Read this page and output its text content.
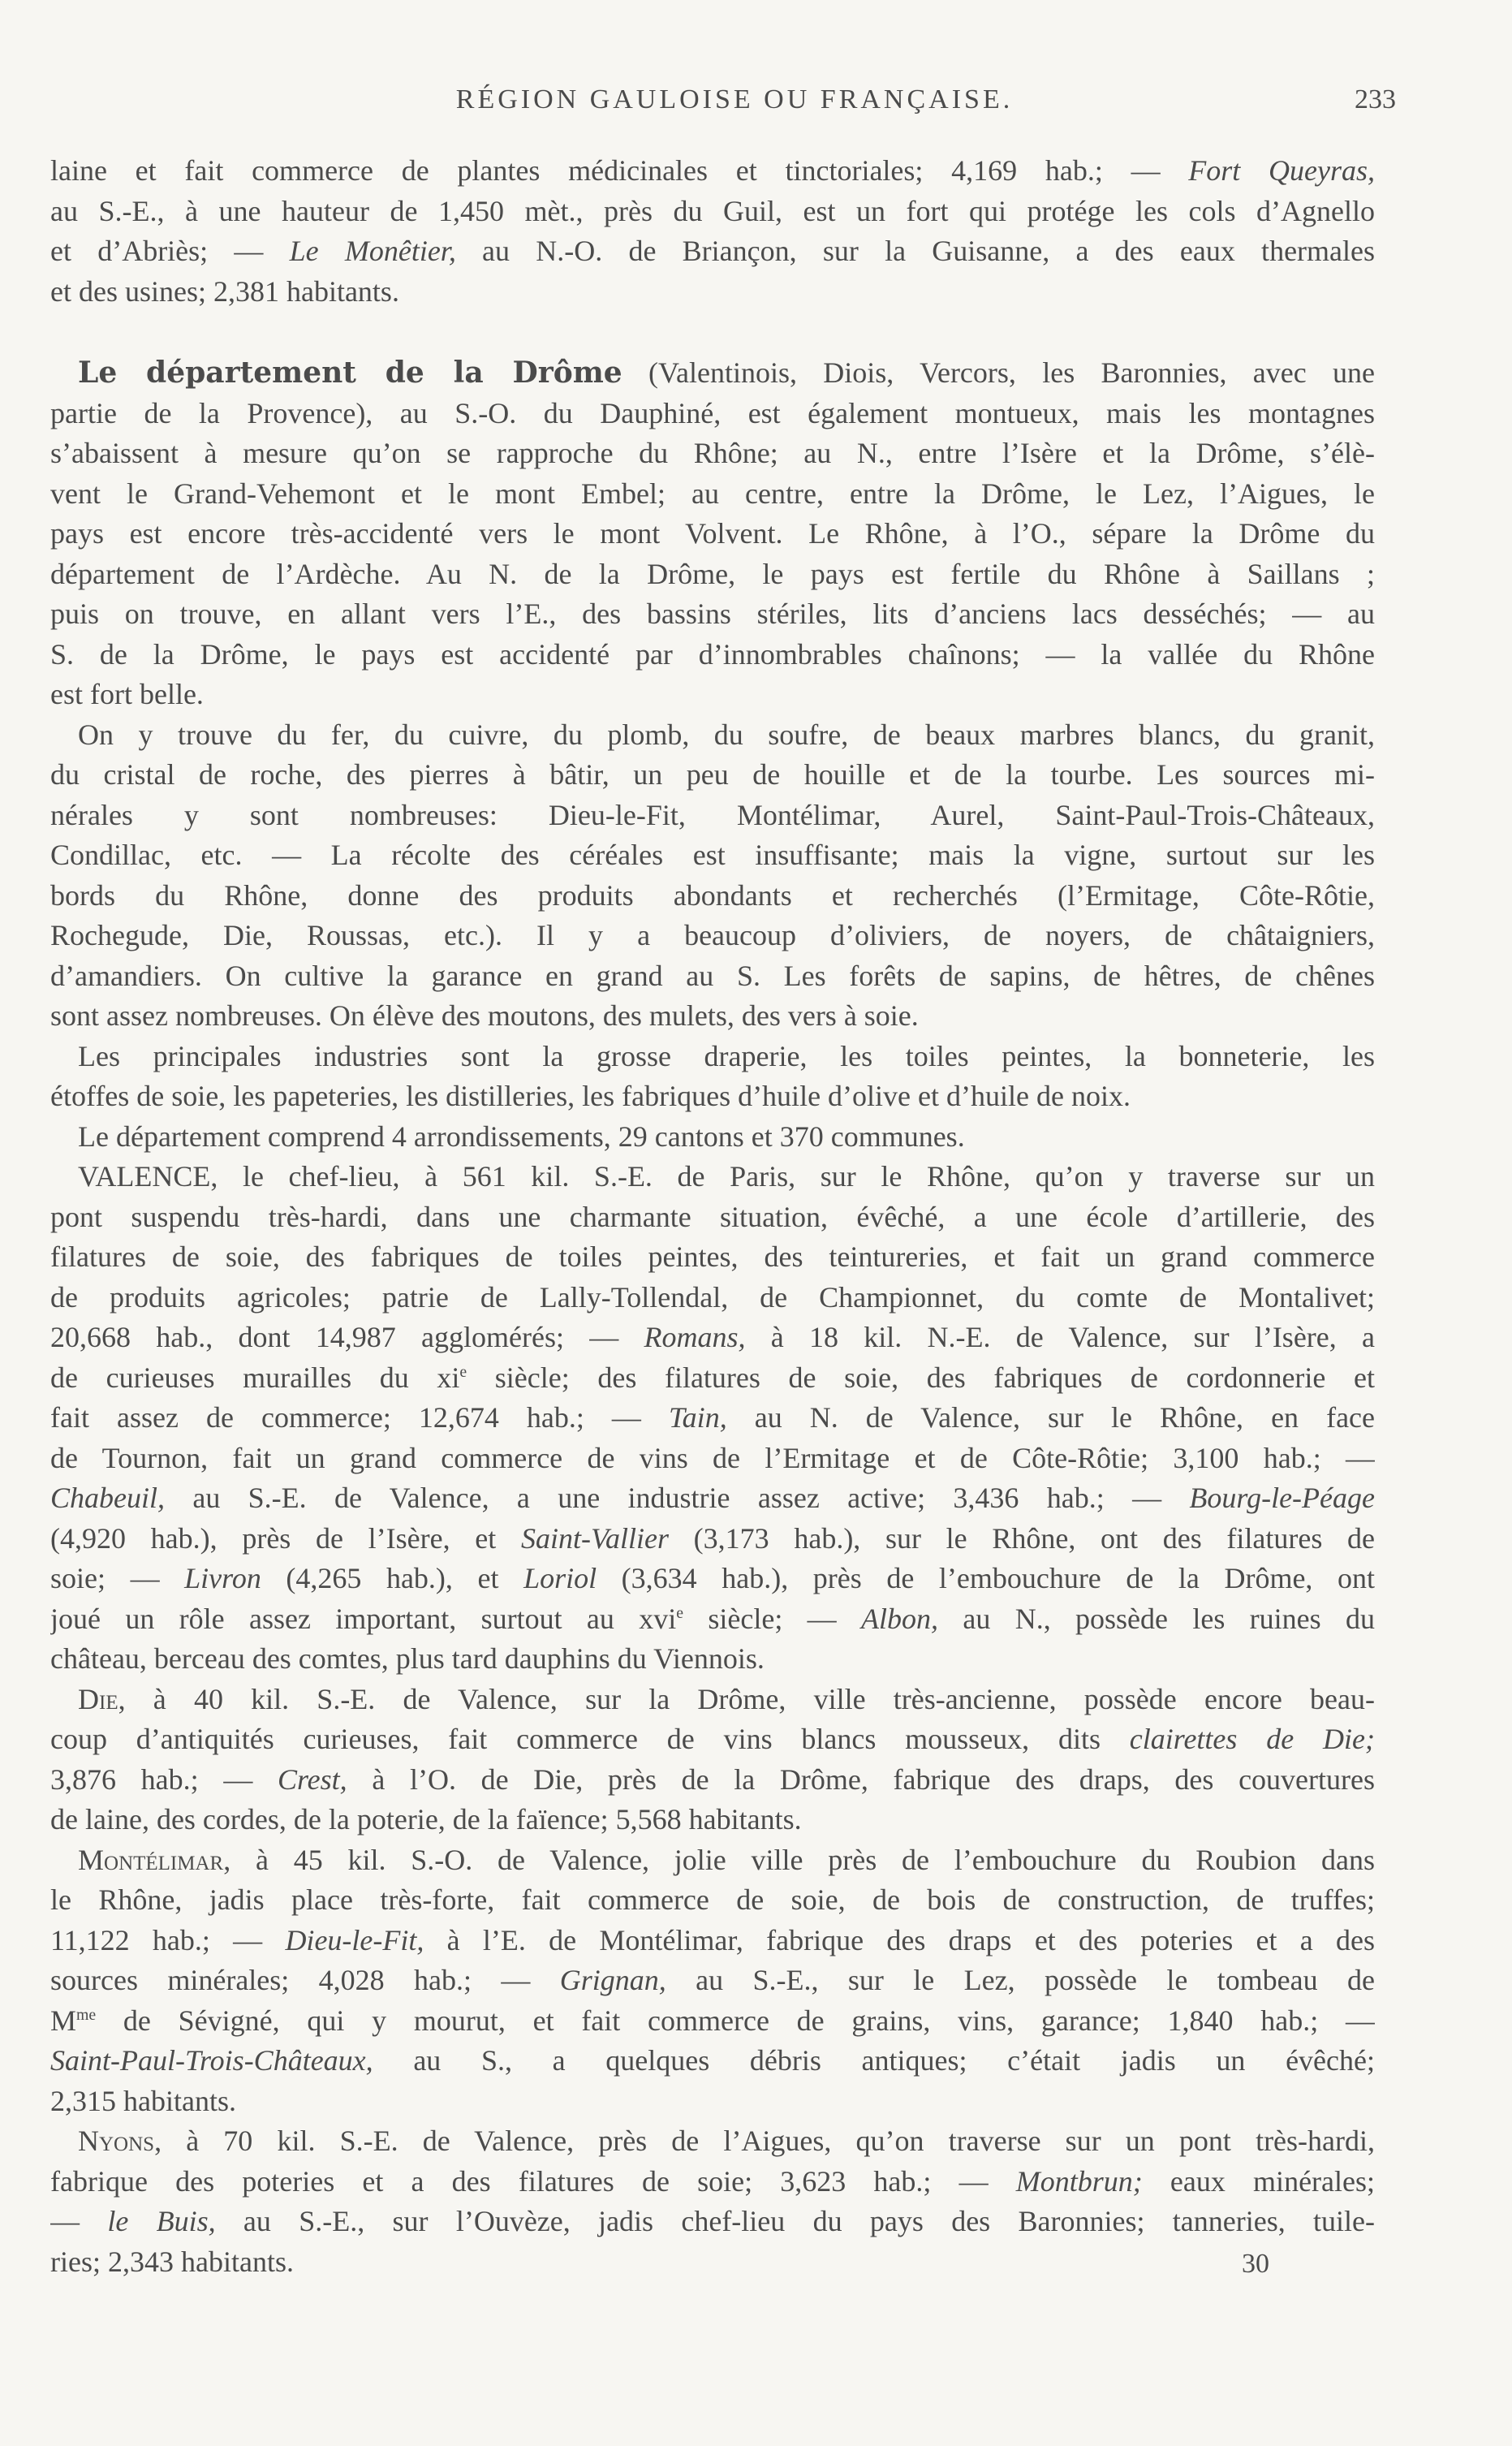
RÉGION GAULOISE OU FRANÇAISE.	233
laine et fait commerce de plantes médicinales et tinctoriales; 4,169 hab.; — Fort Queyras,
au S.-E., à une hauteur de 1,450 mèt., près du Guil, est un fort qui protége les cols d’Agnello
et d’Abriès; — Le Monêtier, au N.-O. de Briançon, sur la Guisanne, a des eaux thermales
et des usines; 2,381 habitants.
Le département de la Drôme (Valentinois, Diois, Vercors, les Baronnies, avec une
partie de la Provence), au S.-O. du Dauphiné, est également montueux, mais les montagnes
s’abaissent à mesure qu’on se rapproche du Rhône; au N., entre l’Isère et la Drôme, s’élè-
vent le Grand-Vehemont et le mont Embel; au centre, entre la Drôme, le Lez, l’Aigues, le
pays est encore très-accidenté vers le mont Volvent. Le Rhône, à l’O., sépare la Drôme du
département de l’Ardèche. Au N. de la Drôme, le pays est fertile du Rhône à Saillans ;
puis on trouve, en allant vers l’E., des bassins stériles, lits d’anciens lacs desséchés; — au
S. de la Drôme, le pays est accidenté par d’innombrables chaînons; — la vallée du Rhône
est fort belle.
On y trouve du fer, du cuivre, du plomb, du soufre, de beaux marbres blancs, du granit,
du cristal de roche, des pierres à bâtir, un peu de houille et de la tourbe. Les sources mi-
nérales y sont nombreuses: Dieu-le-Fit, Montélimar, Aurel, Saint-Paul-Trois-Châteaux,
Condillac, etc. — La récolte des céréales est insuffisante; mais la vigne, surtout sur les
bords du Rhône, donne des produits abondants et recherchés (l’Ermitage, Côte-Rôtie,
Rochegude, Die, Roussas, etc.). Il y a beaucoup d’oliviers, de noyers, de châtaigniers,
d’amandiers. On cultive la garance en grand au S. Les forêts de sapins, de hêtres, de chênes
sont assez nombreuses. On élève des moutons, des mulets, des vers à soie.
Les principales industries sont la grosse draperie, les toiles peintes, la bonneterie, les
étoffes de soie, les papeteries, les distilleries, les fabriques d’huile d’olive et d’huile de noix.
Le département comprend 4 arrondissements, 29 cantons et 370 communes.
VALENCE, le chef-lieu, à 561 kil. S.-E. de Paris, sur le Rhône, qu’on y traverse sur un
pont suspendu très-hardi, dans une charmante situation, évêché, a une école d’artillerie, des
filatures de soie, des fabriques de toiles peintes, des teintureries, et fait un grand commerce
de produits agricoles; patrie de Lally-Tollendal, de Championnet, du comte de Montalivet;
20,668 hab., dont 14,987 agglomérés; — Romans, à 18 kil. N.-E. de Valence, sur l’Isère, a
de curieuses murailles du $xi^e$ siècle; des filatures de soie, des fabriques de cordonnerie et
fait assez de commerce; 12,674 hab.; — Tain, au N. de Valence, sur le Rhône, en face
de Tournon, fait un grand commerce de vins de l’Ermitage et de Côte-Rôtie; 3,100 hab.; —
Chabeuil, au S.-E. de Valence, a une industrie assez active; 3,436 hab.; — Bourg-le-Péage
(4,920 hab.), près de l’Isère, et Saint-Vallier (3,173 hab.), sur le Rhône, ont des filatures de
soie; — Livron (4,265 hab.), et Loriol (3,634 hab.), près de l’embouchure de la Drôme, ont
joué un rôle assez important, surtout au xvi$^e$ siècle; — Albon, au N., possède les ruines du
château, berceau des comtes, plus tard dauphins du Viennois.
Die, à 40 kil. S.-E. de Valence, sur la Drôme, ville très-ancienne, possède encore beau-
coup d’antiquités curieuses, fait commerce de vins blancs mousseux, dits clairettes de Die;
3,876 hab.; — Crest, à l’O. de Die, près de la Drôme, fabrique des draps, des couvertures
de laine, des cordes, de la poterie, de la faïence; 5,568 habitants.
Montélimar, à 45 kil. S.-O. de Valence, jolie ville près de l’embouchure du Roubion dans
le Rhône, jadis place très-forte, fait commerce de soie, de bois de construction, de truffes;
11,122 hab.; — Dieu-le-Fit, à l’E. de Montélimar, fabrique des draps et des poteries et a des
sources minérales; 4,028 hab.; — Grignan, au S.-E., sur le Lez, possède le tombeau de
$M^{me}$ de Sévigné, qui y mourut, et fait commerce de grains, vins, garance; 1,840 hab.; —
Saint-Paul-Trois-Châteaux, au S., a quelques débris antiques; c’était jadis un évêché;
2,315 habitants.
Nyons, à 70 kil. S.-E. de Valence, près de l’Aigues, qu’on traverse sur un pont très-hardi,
fabrique des poteries et a des filatures de soie; 3,623 hab.; — Montbrun; eaux minérales;
— le Buis, au S.-E., sur l’Ouvèze, jadis chef-lieu du pays des Baronnies; tanneries, tuile-
ries; 2,343 habitants.	30
